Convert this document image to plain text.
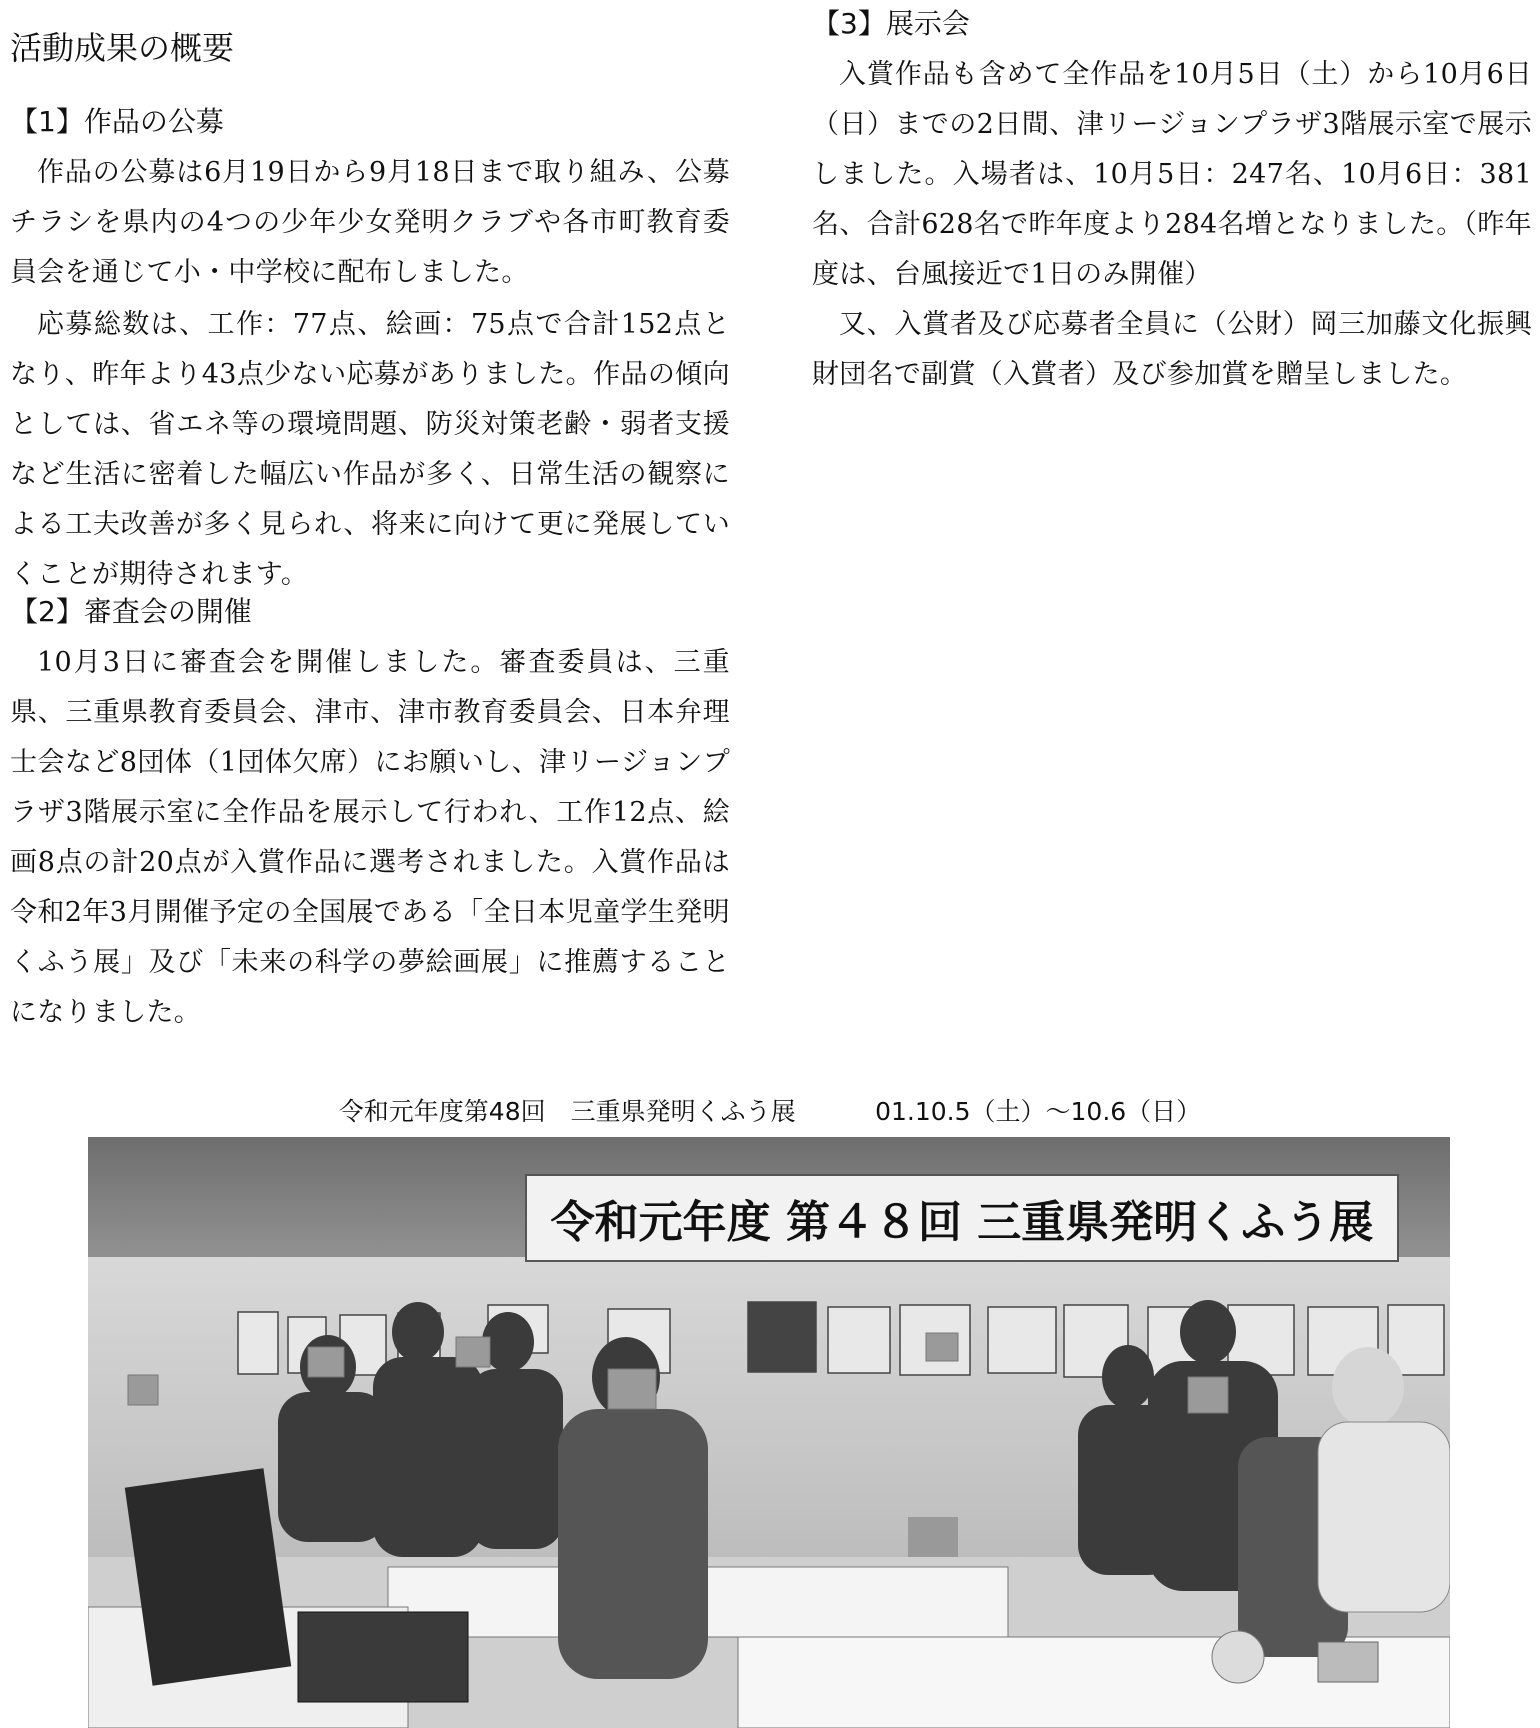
活動成果の概要
【1】作品の公募

作品の公募は6月19日から9月18日まで取り組み、公募チラシを県内の4つの少年少女発明クラブや各市町教育委員会を通じて小・中学校に配布しました。

応募総数は、工作：77点、絵画：75点で合計152点となり、昨年より43点少ない応募がありました。作品の傾向としては、省エネ等の環境問題、防災対策老齢・弱者支援など生活に密着した幅広い作品が多く、日常生活の観察による工夫改善が多く見られ、将来に向けて更に発展していくことが期待されます。

【2】審査会の開催

10月3日に審査会を開催しました。審査委員は、三重県、三重県教育委員会、津市、津市教育委員会、日本弁理士会など8団体（1団体欠席）にお願いし、津リージョンプラザ3階展示室に全作品を展示して行われ、工作12点、絵画8点の計20点が入賞作品に選考されました。入賞作品は令和2年3月開催予定の全国展である「全日本児童学生発明くふう展」及び「未来の科学の夢絵画展」に推薦することになりました。

【3】展示会

入賞作品も含めて全作品を10月5日（土）から10月6日（日）までの2日間、津リージョンプラザ3階展示室で展示しました。入場者は、10月5日：247名、10月6日：381名、合計628名で昨年度より284名増となりました。（昨年度は、台風接近で1日のみ開催）

又、入賞者及び応募者全員に（公財）岡三加藤文化振興財団名で副賞（入賞者）及び参加賞を贈呈しました。

令和元年度第48回　三重県発明くふう展	01.10.5（土）～10.6（日）
令和元年度 第４８回 三重県発明くふう展
